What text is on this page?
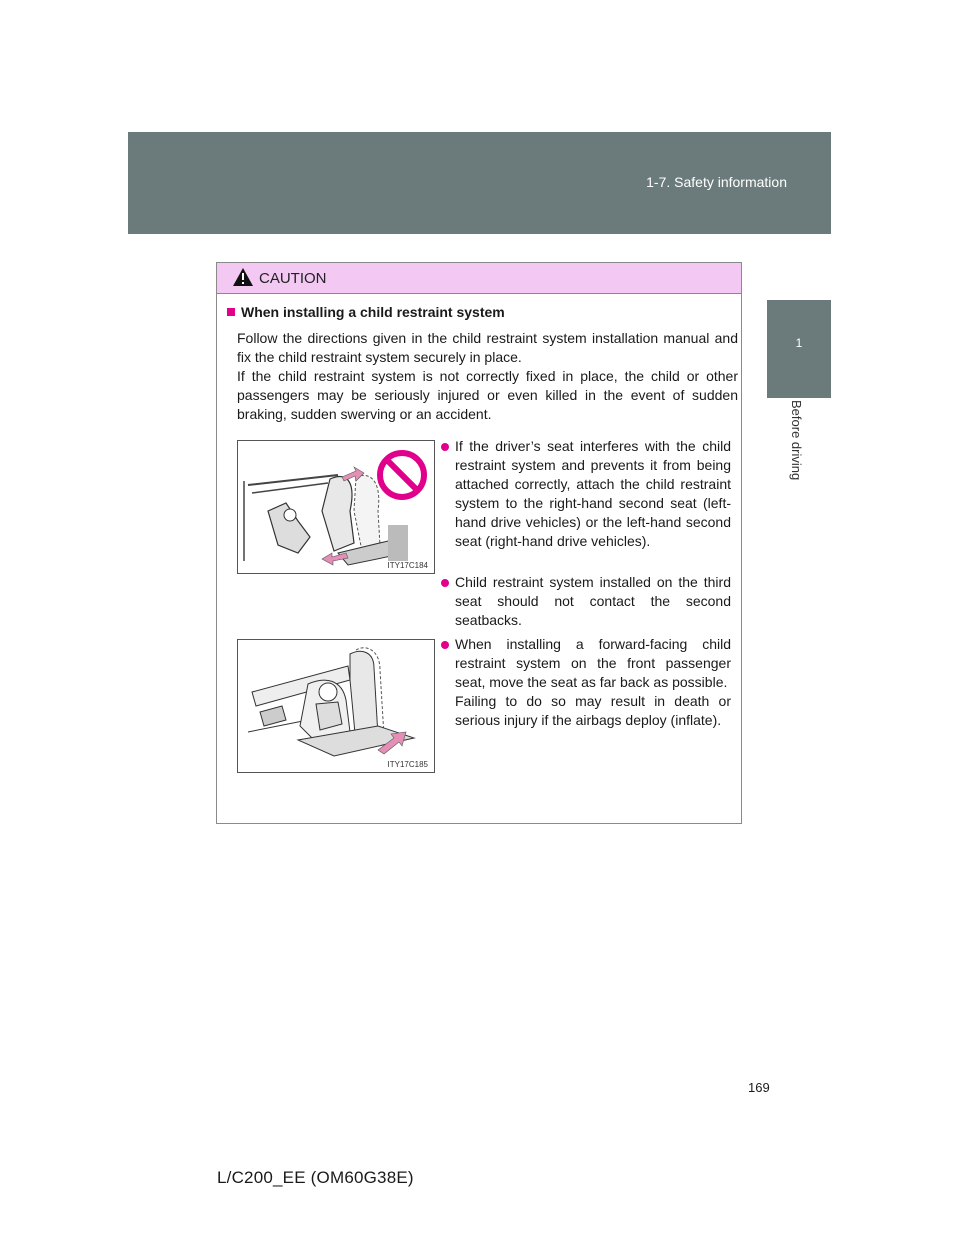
1-7. Safety information
1
Before driving
CAUTION
When installing a child restraint system
Follow the directions given in the child restraint system installation manual and fix the child restraint system securely in place.
If the child restraint system is not correctly fixed in place, the child or other passengers may be seriously injured or even killed in the event of sudden braking, sudden swerving or an accident.
ITY17C184
ITY17C185

If the driver’s seat interferes with the child restraint system and prevents it from being attached correctly, attach the child restraint system to the right-hand second seat (left-hand drive vehicles) or the left-hand second seat (right-hand drive vehicles).

Child restraint system installed on the third seat should not contact the second seatbacks.

When installing a forward-facing child restraint system on the front passenger seat, move the seat as far back as possible.

Failing to do so may result in death or serious injury if the airbags deploy (inflate).

169
L/C200_EE (OM60G38E)
